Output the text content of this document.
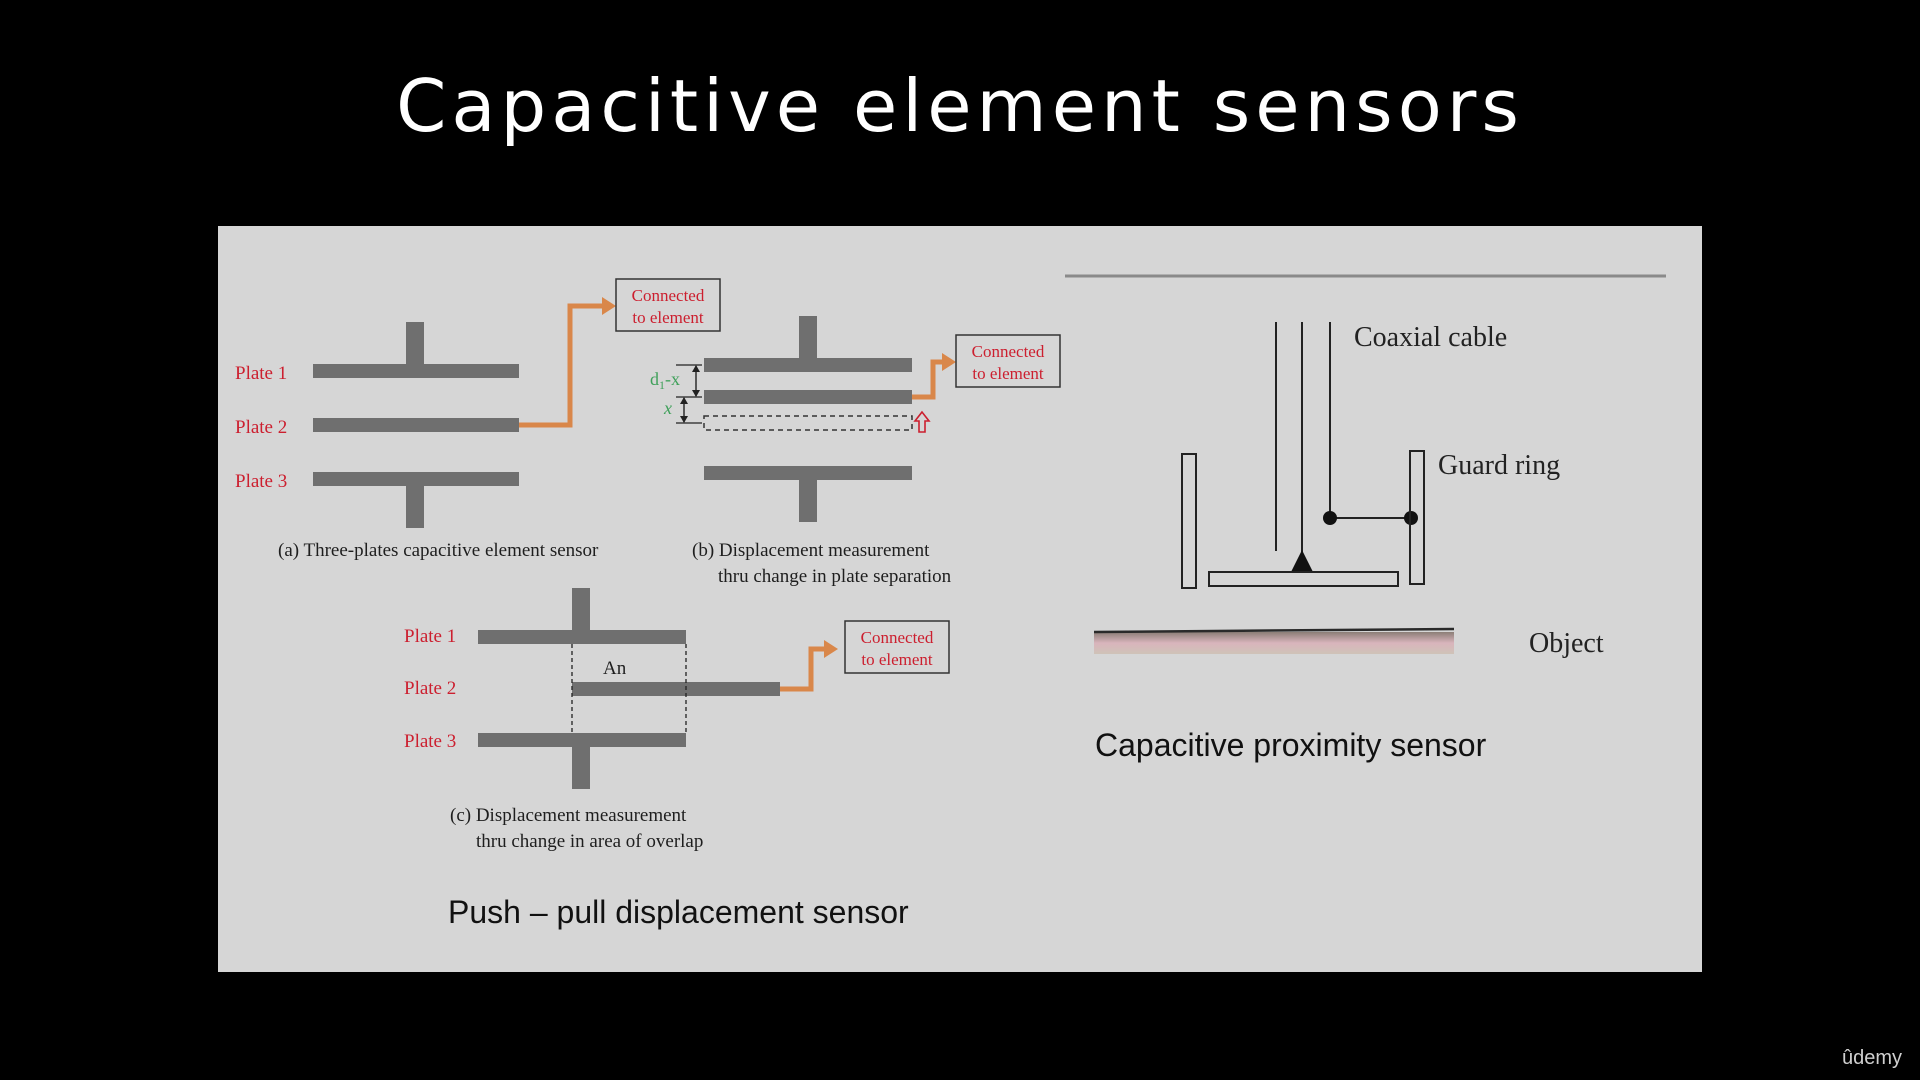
Capacitive element sensors
Plate 1
Plate 2
Plate 3
Connected
to element
(a) Three-plates capacitive element sensor
$d_1-x$
x
Connected
to element
(b) Displacement measurement
thru change in plate separation
An
Plate 1
Plate 2
Plate 3
Connected
to element
(c) Displacement measurement
thru change in area of overlap
Push – pull displacement sensor
Coaxial cable
Guard ring
Object
Capacitive proximity sensor
ûdemy
